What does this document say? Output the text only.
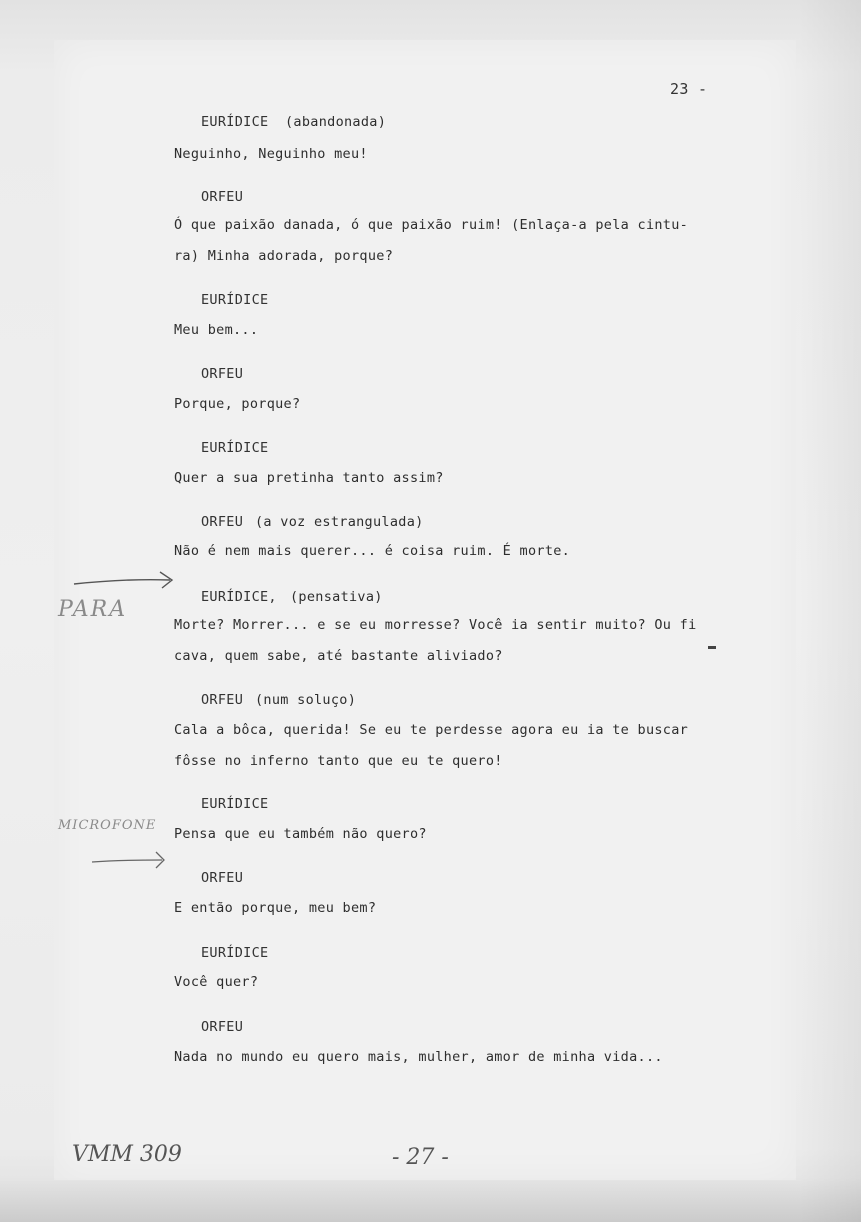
23 -
EURÍDICE (abandonada)
Neguinho, Neguinho meu!
ORFEU
Ó que paixão danada, ó que paixão ruim! (Enlaça-a pela cintu-
ra) Minha adorada, porque?
EURÍDICE
Meu bem...
ORFEU
Porque, porque?
EURÍDICE
Quer a sua pretinha tanto assim?
ORFEU (a voz estrangulada)
Não é nem mais querer... é coisa ruim. É morte.
EURÍDICE, (pensativa)
Morte? Morrer... e se eu morresse? Você ia sentir muito? Ou fi
cava, quem sabe, até bastante aliviado?
ORFEU (num soluço)
Cala a bôca, querida! Se eu te perdesse agora eu ia te buscar
fôsse no inferno tanto que eu te quero!
EURÍDICE
Pensa que eu também não quero?
ORFEU
E então porque, meu bem?
EURÍDICE
Você quer?
ORFEU
Nada no mundo eu quero mais, mulher, amor de minha vida...
PARA
MICROFONE
VMM 309	- 27 -
